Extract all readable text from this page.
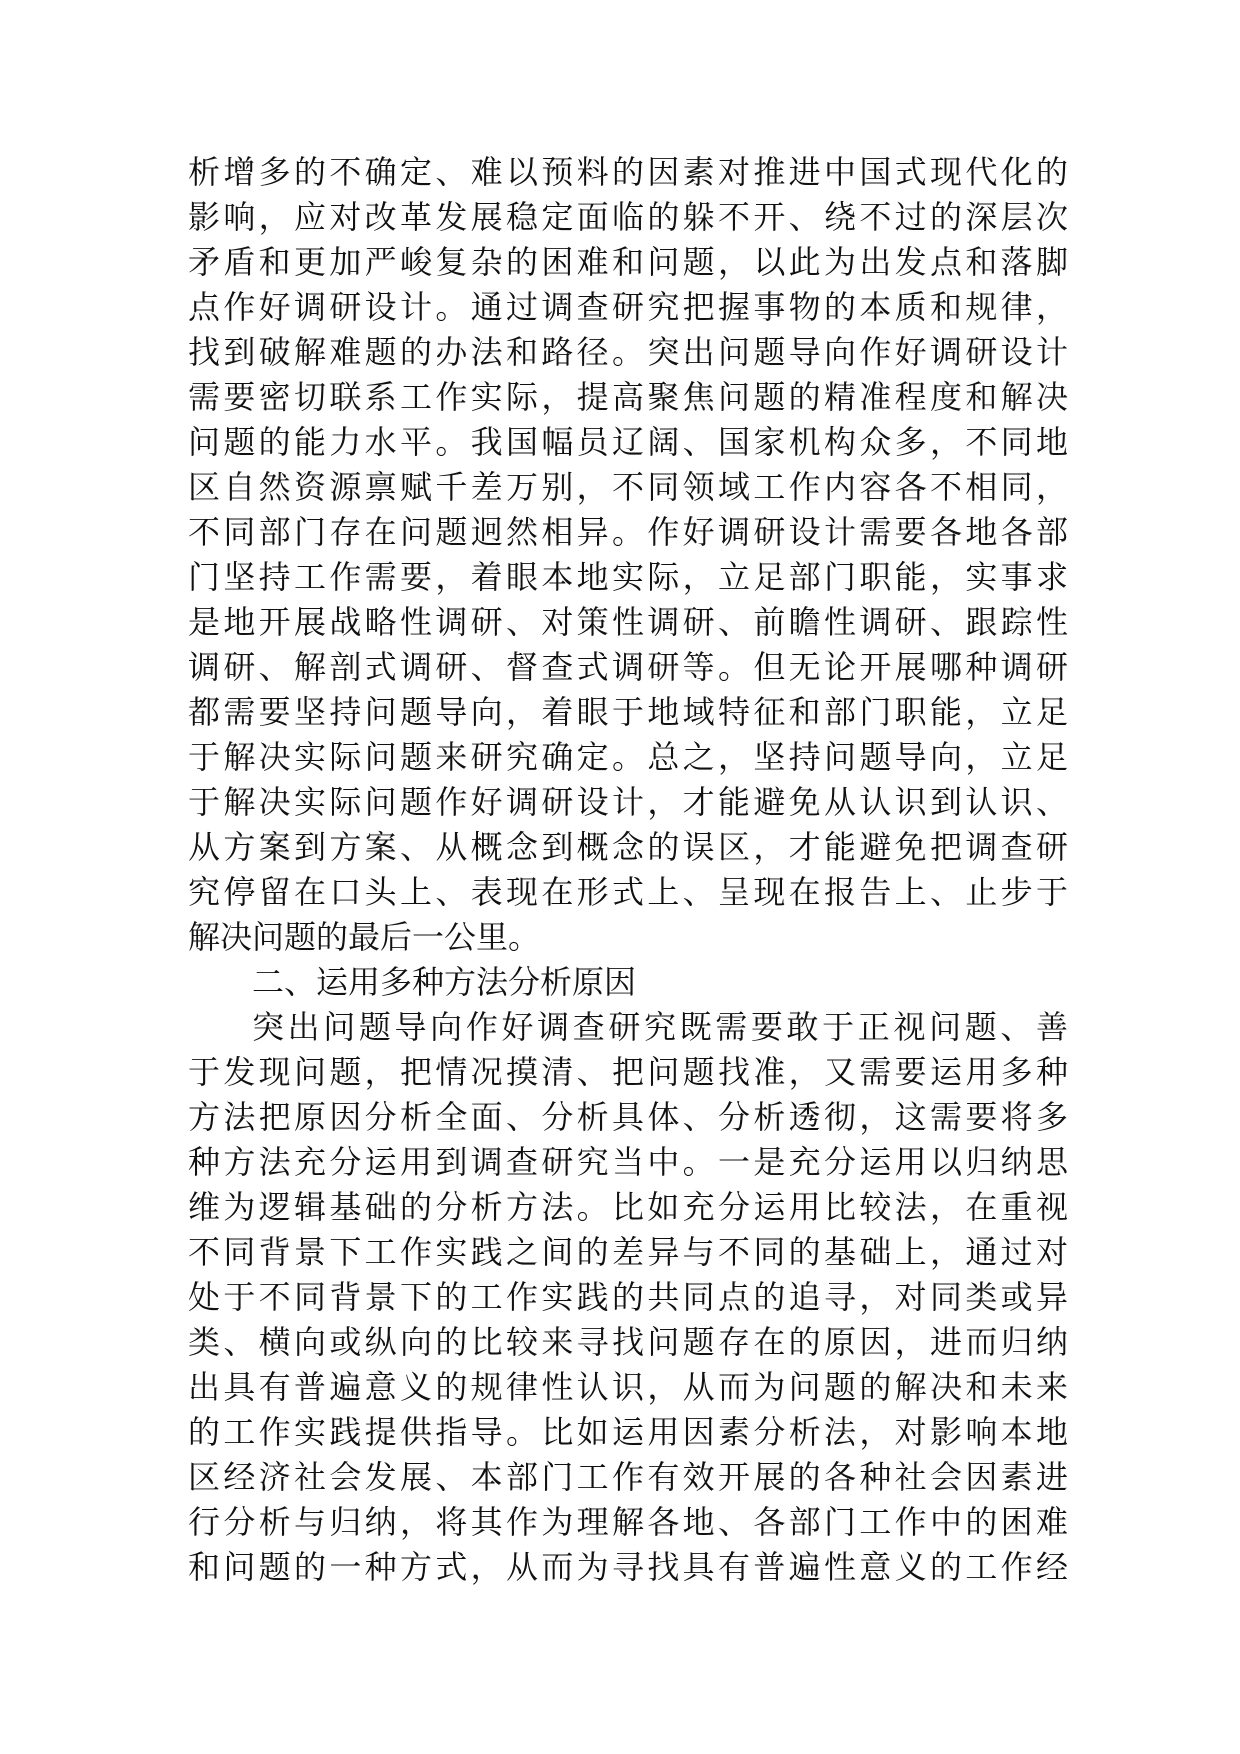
析增多的不确定、难以预料的因素对推进中国式现代化的
影响，应对改革发展稳定面临的躲不开、绕不过的深层次
矛盾和更加严峻复杂的困难和问题，以此为出发点和落脚
点作好调研设计。通过调查研究把握事物的本质和规律，
找到破解难题的办法和路径。突出问题导向作好调研设计
需要密切联系工作实际，提高聚焦问题的精准程度和解决
问题的能力水平。我国幅员辽阔、国家机构众多，不同地
区自然资源禀赋千差万别，不同领域工作内容各不相同，
不同部门存在问题迥然相异。作好调研设计需要各地各部
门坚持工作需要，着眼本地实际，立足部门职能，实事求
是地开展战略性调研、对策性调研、前瞻性调研、跟踪性
调研、解剖式调研、督查式调研等。但无论开展哪种调研
都需要坚持问题导向，着眼于地域特征和部门职能，立足
于解决实际问题来研究确定。总之，坚持问题导向，立足
于解决实际问题作好调研设计，才能避免从认识到认识、
从方案到方案、从概念到概念的误区，才能避免把调查研
究停留在口头上、表现在形式上、呈现在报告上、止步于
解决问题的最后一公里。
二、运用多种方法分析原因
突出问题导向作好调查研究既需要敢于正视问题、善
于发现问题，把情况摸清、把问题找准，又需要运用多种
方法把原因分析全面、分析具体、分析透彻，这需要将多
种方法充分运用到调查研究当中。一是充分运用以归纳思
维为逻辑基础的分析方法。比如充分运用比较法，在重视
不同背景下工作实践之间的差异与不同的基础上，通过对
处于不同背景下的工作实践的共同点的追寻，对同类或异
类、横向或纵向的比较来寻找问题存在的原因，进而归纳
出具有普遍意义的规律性认识，从而为问题的解决和未来
的工作实践提供指导。比如运用因素分析法，对影响本地
区经济社会发展、本部门工作有效开展的各种社会因素进
行分析与归纳，将其作为理解各地、各部门工作中的困难
和问题的一种方式，从而为寻找具有普遍性意义的工作经
